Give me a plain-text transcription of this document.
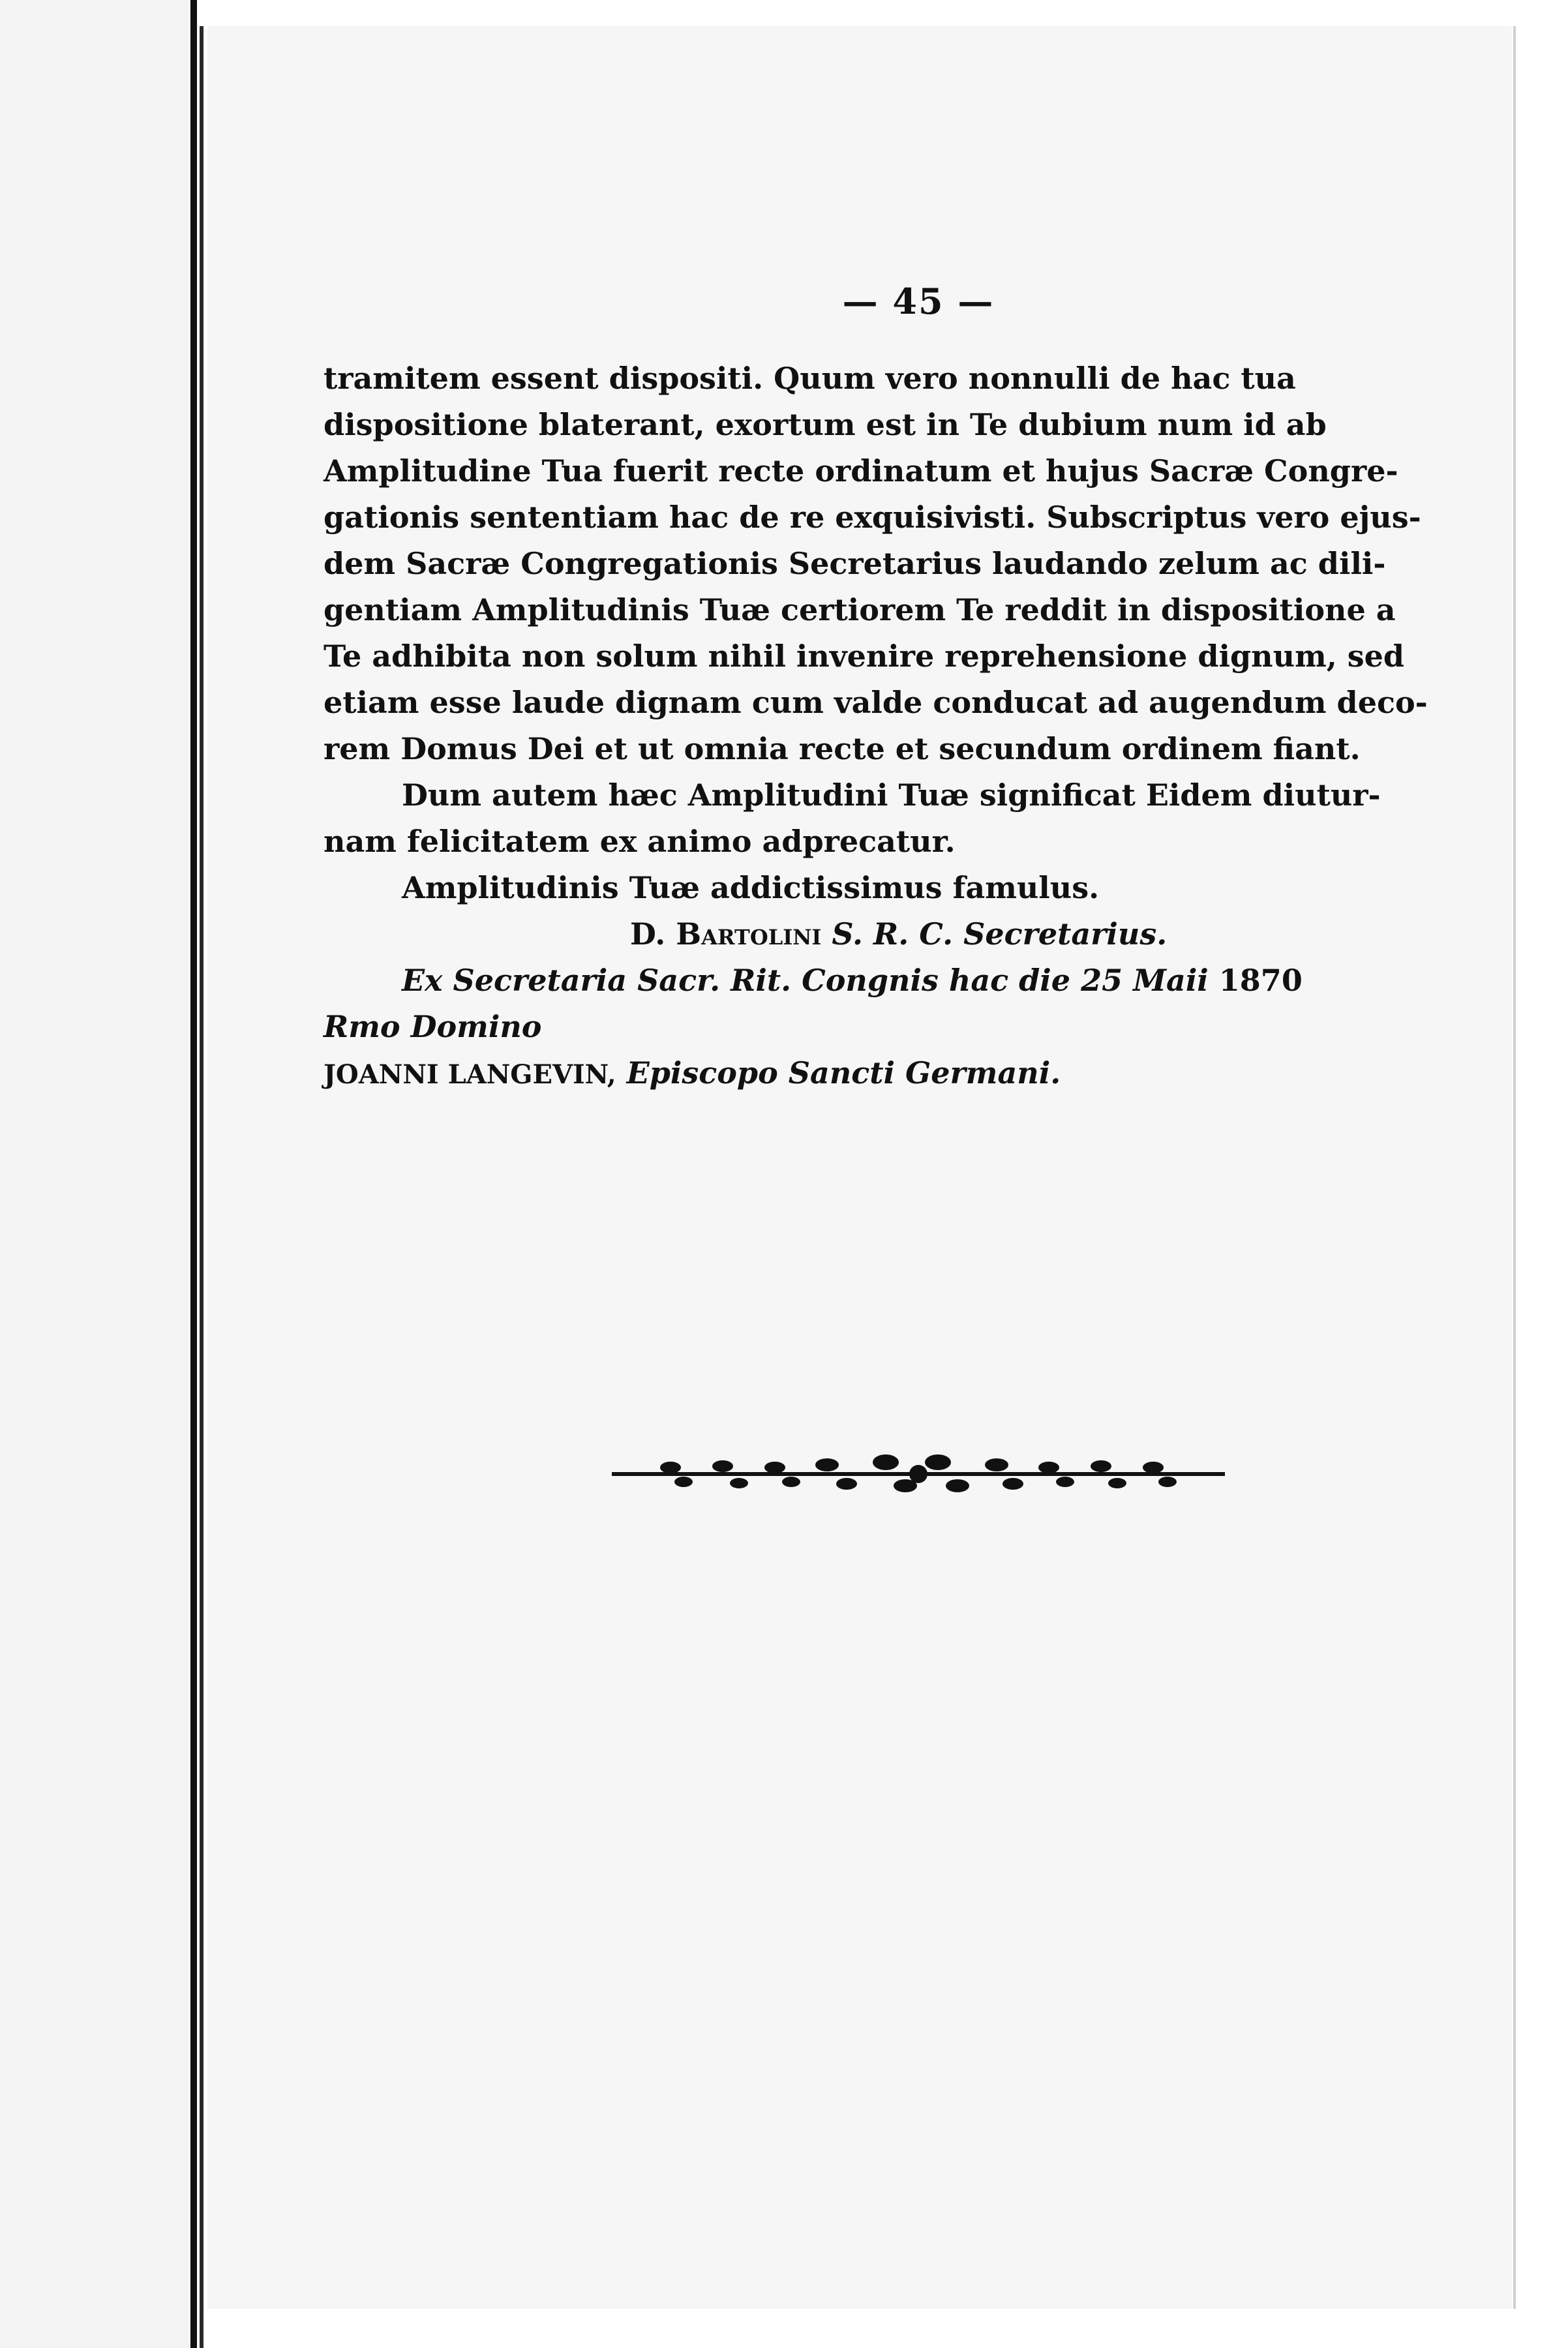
— 45 —
tramitem essent dispositi. Quum vero nonnulli de hac tua
dispositione blaterant, exortum est in Te dubium num id ab
Amplitudine Tua fuerit recte ordinatum et hujus Sacræ Congre-
gationis sententiam hac de re exquisivisti. Subscriptus vero ejus-
dem Sacræ Congregationis Secretarius laudando zelum ac dili-
gentiam Amplitudinis Tuæ certiorem Te reddit in dispositione a
Te adhibita non solum nihil invenire reprehensione dignum, sed
etiam esse laude dignam cum valde conducat ad augendum deco-
rem Domus Dei et ut omnia recte et secundum ordinem fiant.
Dum autem hæc Amplitudini Tuæ significat Eidem diutur-
nam felicitatem ex animo adprecatur.
Amplitudinis Tuæ addictissimus famulus.
D. Bartolini S. R. C. Secretarius.
Ex Secretaria Sacr. Rit. Congnis hac die 25 Maii 1870
Rmo Domino
JOANNI LANGEVIN, Episcopo Sancti Germani.
